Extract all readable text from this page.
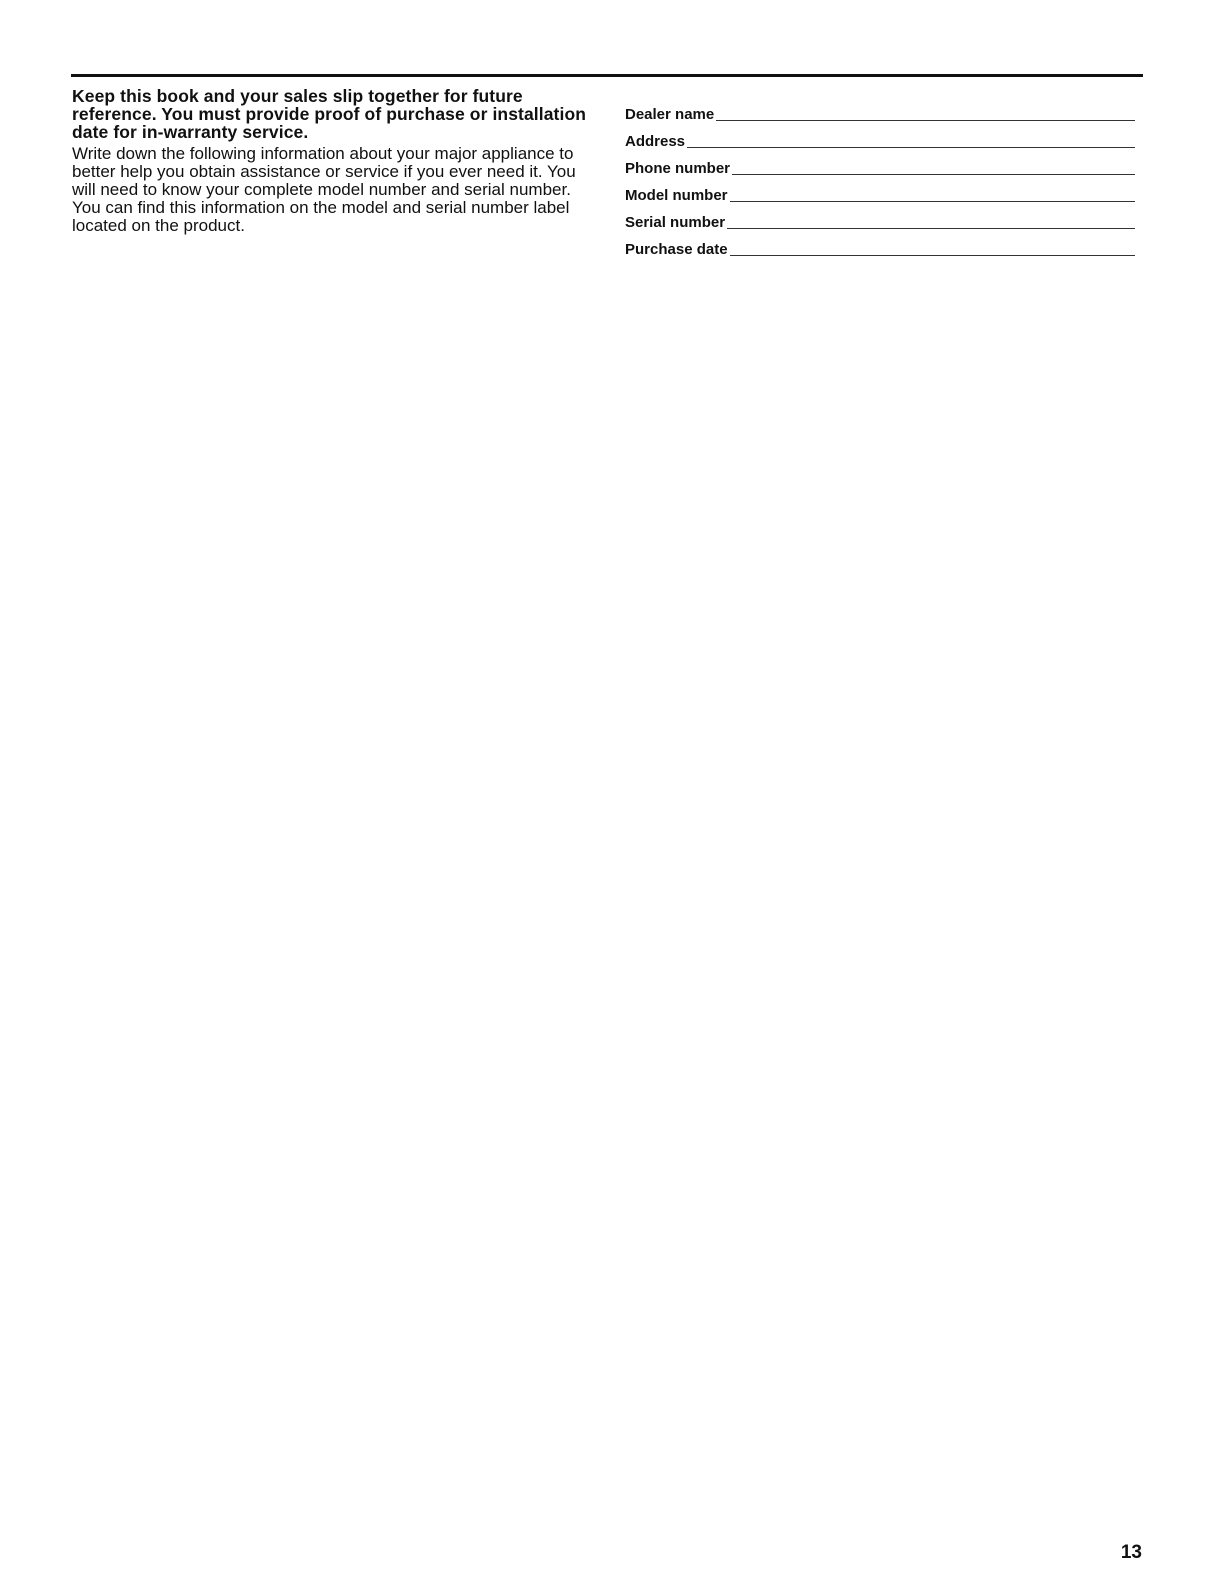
Keep this book and your sales slip together for future reference. You must provide proof of purchase or installation date for in-warranty service.

Write down the following information about your major appliance to better help you obtain assistance or service if you ever need it. You will need to know your complete model number and serial number. You can find this information on the model and serial number label located on the product.

Dealer name
Address
Phone number
Model number
Serial number
Purchase date
13
